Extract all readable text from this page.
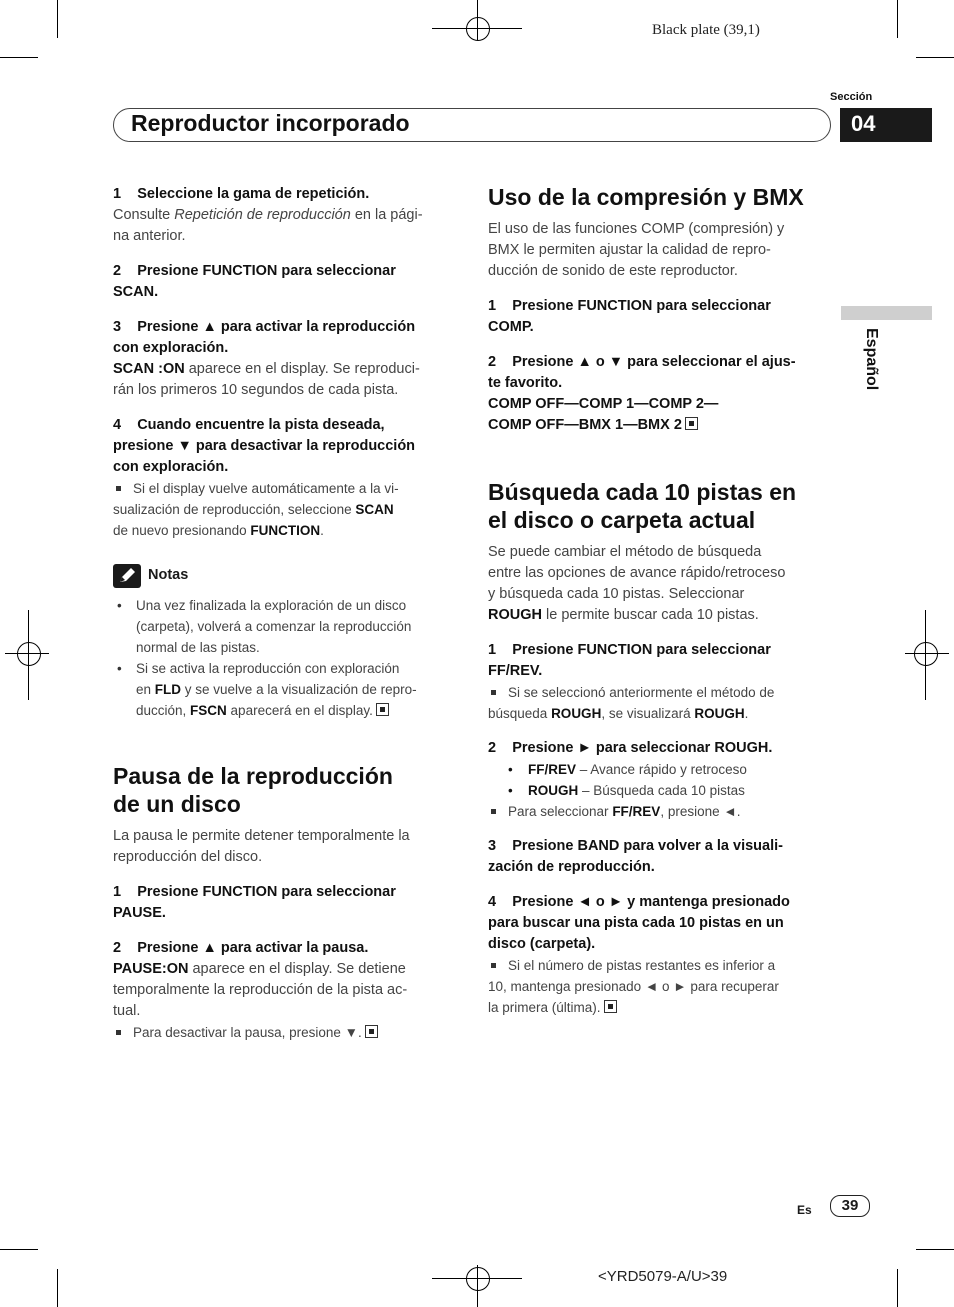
Black plate (39,1)
Sección
04
Reproductor incorporado
Español

1 Seleccione la gama de repetición.

Consulte Repetición de reproducción en la pági-
na anterior.

2 Presione FUNCTION para seleccionar
SCAN.

3 Presione ▲ para activar la reproducción
con exploración.

SCAN :ON aparece en el display. Se reproduci-
rán los primeros 10 segundos de cada pista.

4 Cuando encuentre la pista deseada,
presione ▼ para desactivar la reproducción
con exploración.

Si el display vuelve automáticamente a la vi-
sualización de reproducción, seleccione SCAN
de nuevo presionando FUNCTION.

Notas

• Una vez finalizada la exploración de un disco
(carpeta), volverá a comenzar la reproducción
normal de las pistas.

• Si se activa la reproducción con exploración
en FLD y se vuelve a la visualización de repro-
ducción, FSCN aparecerá en el display.

Pausa de la reproducción
de un disco

La pausa le permite detener temporalmente la
reproducción del disco.

1 Presione FUNCTION para seleccionar
PAUSE.

2 Presione ▲ para activar la pausa.

PAUSE:ON aparece en el display. Se detiene
temporalmente la reproducción de la pista ac-
tual.

Para desactivar la pausa, presione ▼.

Uso de la compresión y BMX

El uso de las funciones COMP (compresión) y
BMX le permiten ajustar la calidad de repro-
ducción de sonido de este reproductor.

1 Presione FUNCTION para seleccionar
COMP.

2 Presione ▲ o ▼ para seleccionar el ajus-
te favorito.

COMP OFF—COMP 1—COMP 2—
COMP OFF—BMX 1—BMX 2

Búsqueda cada 10 pistas en
el disco o carpeta actual

Se puede cambiar el método de búsqueda
entre las opciones de avance rápido/retroceso
y búsqueda cada 10 pistas. Seleccionar
ROUGH le permite buscar cada 10 pistas.

1 Presione FUNCTION para seleccionar
FF/REV.

Si se seleccionó anteriormente el método de
búsqueda ROUGH, se visualizará ROUGH.

2 Presione ► para seleccionar ROUGH.

• FF/REV – Avance rápido y retroceso

• ROUGH – Búsqueda cada 10 pistas

Para seleccionar FF/REV, presione ◄.

3 Presione BAND para volver a la visuali-
zación de reproducción.

4 Presione ◄ o ► y mantenga presionado
para buscar una pista cada 10 pistas en un
disco (carpeta).

Si el número de pistas restantes es inferior a
10, mantenga presionado ◄ o ► para recuperar
la primera (última).

Es	39
<YRD5079-A/U>39
